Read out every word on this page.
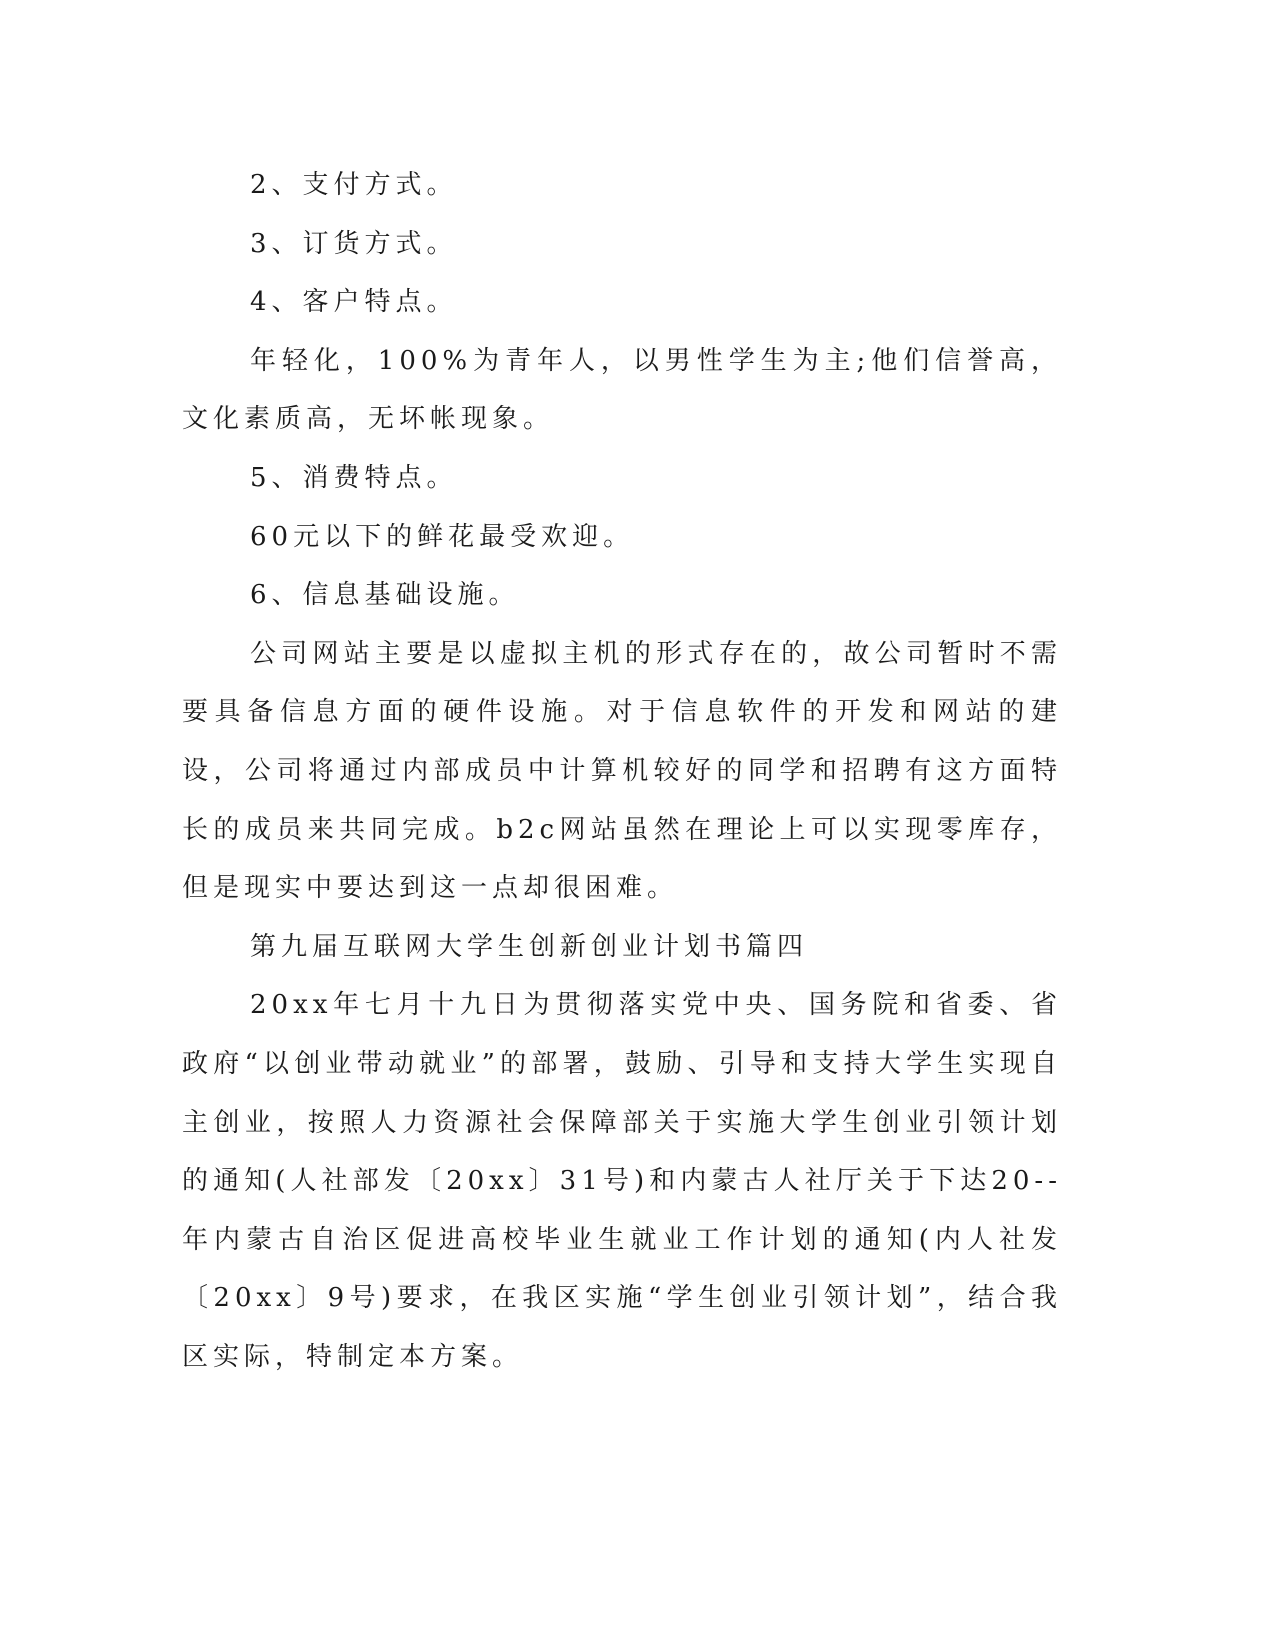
2、支付方式。

3、订货方式。

4、客户特点。

年轻化，100%为青年人，以男性学生为主;他们信誉高，文化素质高，无坏帐现象。

5、消费特点。

60元以下的鲜花最受欢迎。

6、信息基础设施。

公司网站主要是以虚拟主机的形式存在的，故公司暂时不需要具备信息方面的硬件设施。对于信息软件的开发和网站的建设，公司将通过内部成员中计算机较好的同学和招聘有这方面特长的成员来共同完成。b2c网站虽然在理论上可以实现零库存，但是现实中要达到这一点却很困难。

第九届互联网大学生创新创业计划书篇四

20xx年七月十九日为贯彻落实党中央、国务院和省委、省政府“以创业带动就业”的部署，鼓励、引导和支持大学生实现自主创业，按照人力资源社会保障部关于实施大学生创业引领计划的通知(人社部发〔20xx〕31号)和内蒙古人社厅关于下达20--年内蒙古自治区促进高校毕业生就业工作计划的通知(内人社发〔20xx〕9号)要求，在我区实施“学生创业引领计划”，结合我区实际，特制定本方案。
